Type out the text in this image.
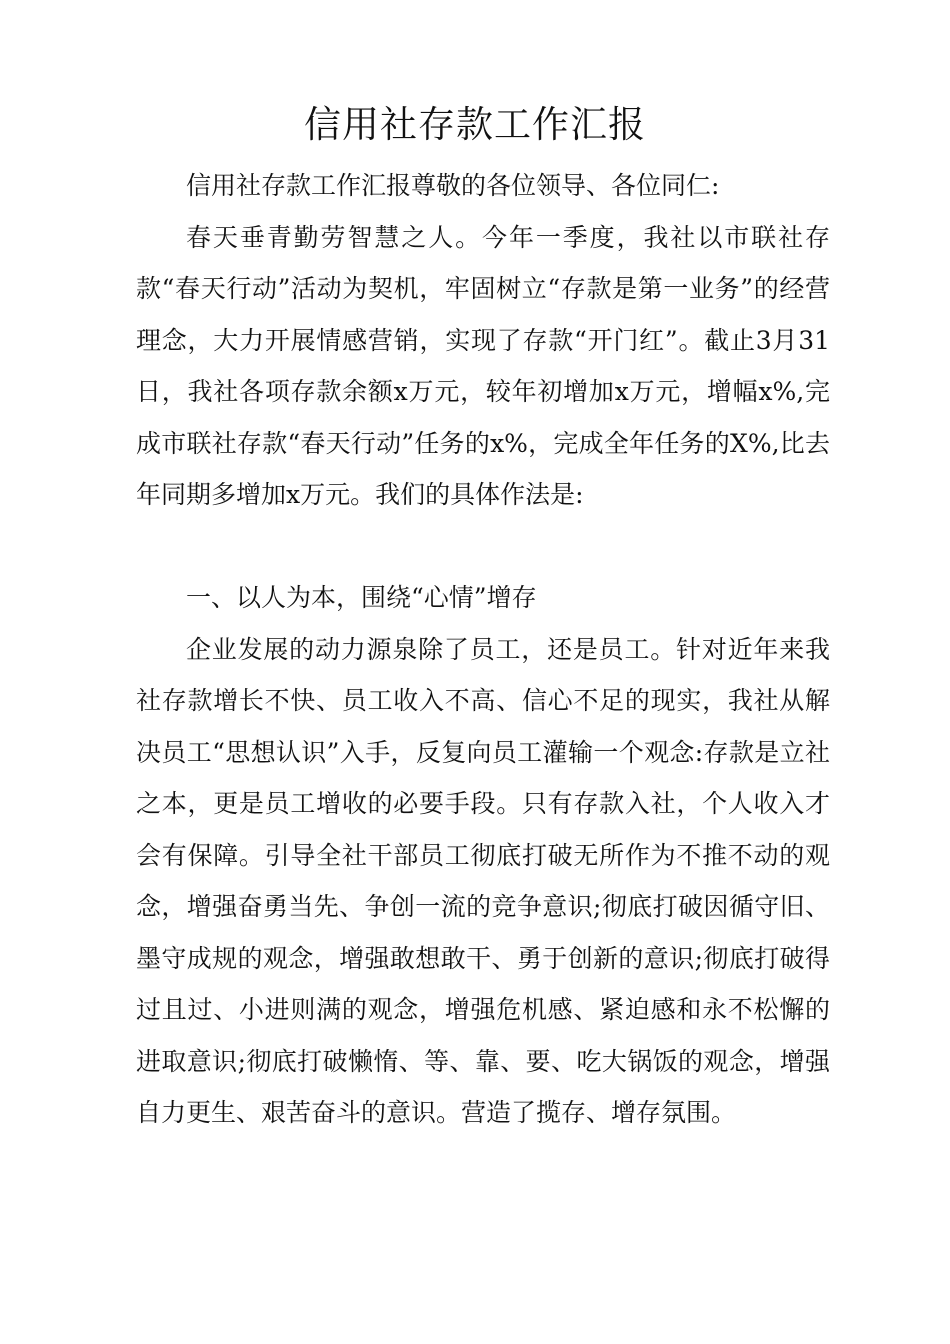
信用社存款工作汇报

信用社存款工作汇报尊敬的各位领导、各位同仁:

春天垂青勤劳智慧之人。今年一季度，我社以市联社存款“春天行动”活动为契机，牢固树立“存款是第一业务”的经营理念，大力开展情感营销，实现了存款“开门红”。截止3月31日，我社各项存款余额x万元，较年初增加x万元，增幅x%,完成市联社存款“春天行动”任务的x%，完成全年任务的X%,比去年同期多增加x万元。我们的具体作法是:

一、以人为本，围绕“心情”增存

企业发展的动力源泉除了员工，还是员工。针对近年来我社存款增长不快、员工收入不高、信心不足的现实，我社从解决员工“思想认识”入手，反复向员工灌输一个观念:存款是立社之本，更是员工增收的必要手段。只有存款入社，个人收入才会有保障。引导全社干部员工彻底打破无所作为不推不动的观念，增强奋勇当先、争创一流的竞争意识;彻底打破因循守旧、墨守成规的观念，增强敢想敢干、勇于创新的意识;彻底打破得过且过、小进则满的观念，增强危机感、紧迫感和永不松懈的进取意识;彻底打破懒惰、等、靠、要、吃大锅饭的观念，增强自力更生、艰苦奋斗的意识。营造了揽存、增存氛围。
